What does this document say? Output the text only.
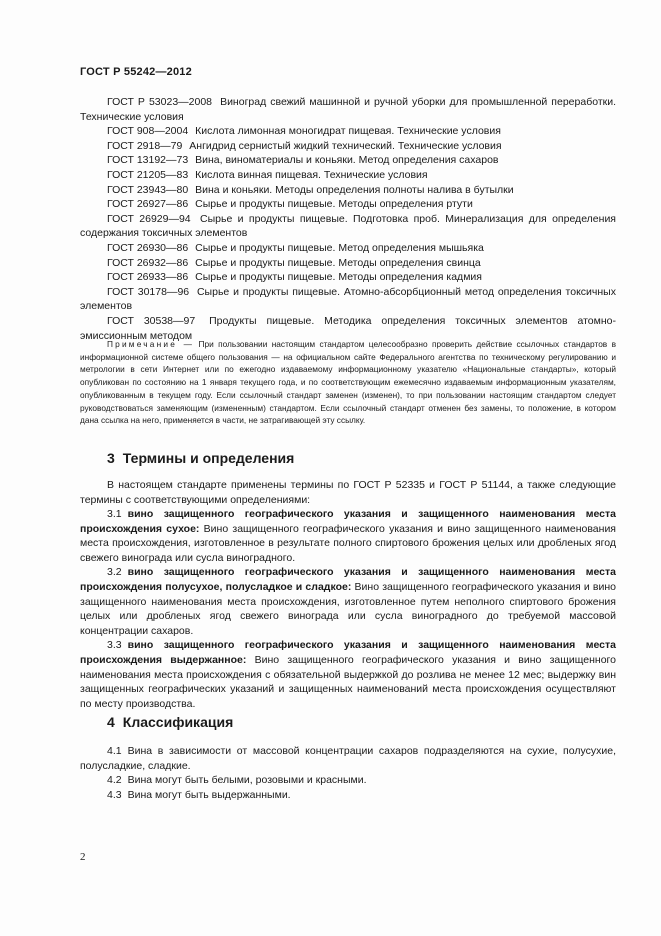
ГОСТ Р 55242—2012

ГОСТ Р 53023—2008 Виноград свежий машинной и ручной уборки для промышленной переработки. Технические условия

ГОСТ 908—2004 Кислота лимонная моногидрат пищевая. Технические условия

ГОСТ 2918—79 Ангидрид сернистый жидкий технический. Технические условия

ГОСТ 13192—73 Вина, виноматериалы и коньяки. Метод определения сахаров

ГОСТ 21205—83 Кислота винная пищевая. Технические условия

ГОСТ 23943—80 Вина и коньяки. Методы определения полноты налива в бутылки

ГОСТ 26927—86 Сырье и продукты пищевые. Методы определения ртути

ГОСТ 26929—94 Сырье и продукты пищевые. Подготовка проб. Минерализация для определения содержания токсичных элементов

ГОСТ 26930—86 Сырье и продукты пищевые. Метод определения мышьяка

ГОСТ 26932—86 Сырье и продукты пищевые. Методы определения свинца

ГОСТ 26933—86 Сырье и продукты пищевые. Методы определения кадмия

ГОСТ 30178—96 Сырье и продукты пищевые. Атомно-абсорбционный метод определения токсичных элементов

ГОСТ 30538—97 Продукты пищевые. Методика определения токсичных элементов атомно-эмиссионным методом

Примечание — При пользовании настоящим стандартом целесообразно проверить действие ссылочных стандартов в информационной системе общего пользования — на официальном сайте Федерального агентства по техническому регулированию и метрологии в сети Интернет или по ежегодно издаваемому информационному указателю «Национальные стандарты», который опубликован по состоянию на 1 января текущего года, и по соответствующим ежемесячно издаваемым информационным указателям, опубликованным в текущем году. Если ссылочный стандарт заменен (изменен), то при пользовании настоящим стандартом следует руководствоваться заменяющим (измененным) стандартом. Если ссылочный стандарт отменен без замены, то положение, в котором дана ссылка на него, применяется в части, не затрагивающей эту ссылку.

3 Термины и определения

В настоящем стандарте применены термины по ГОСТ Р 52335 и ГОСТ Р 51144, а также следующие термины с соответствующими определениями:

3.1 вино защищенного географического указания и защищенного наименования места происхождения сухое: Вино защищенного географического указания и вино защищенного наименования места происхождения, изготовленное в результате полного спиртового брожения целых или дробленых ягод свежего винограда или сусла виноградного.

3.2 вино защищенного географического указания и защищенного наименования места происхождения полусухое, полусладкое и сладкое: Вино защищенного географического указания и вино защищенного наименования места происхождения, изготовленное путем неполного спиртового брожения целых или дробленых ягод свежего винограда или сусла виноградного до требуемой массовой концентрации сахаров.

3.3 вино защищенного географического указания и защищенного наименования места происхождения выдержанное: Вино защищенного географического указания и вино защищенного наименования места происхождения с обязательной выдержкой до розлива не менее 12 мес; выдержку вин защищенных географических указаний и защищенных наименований места происхождения осуществляют по месту производства.

4 Классификация

4.1 Вина в зависимости от массовой концентрации сахаров подразделяются на сухие, полусухие, полусладкие, сладкие.

4.2 Вина могут быть белыми, розовыми и красными.

4.3 Вина могут быть выдержанными.

2
